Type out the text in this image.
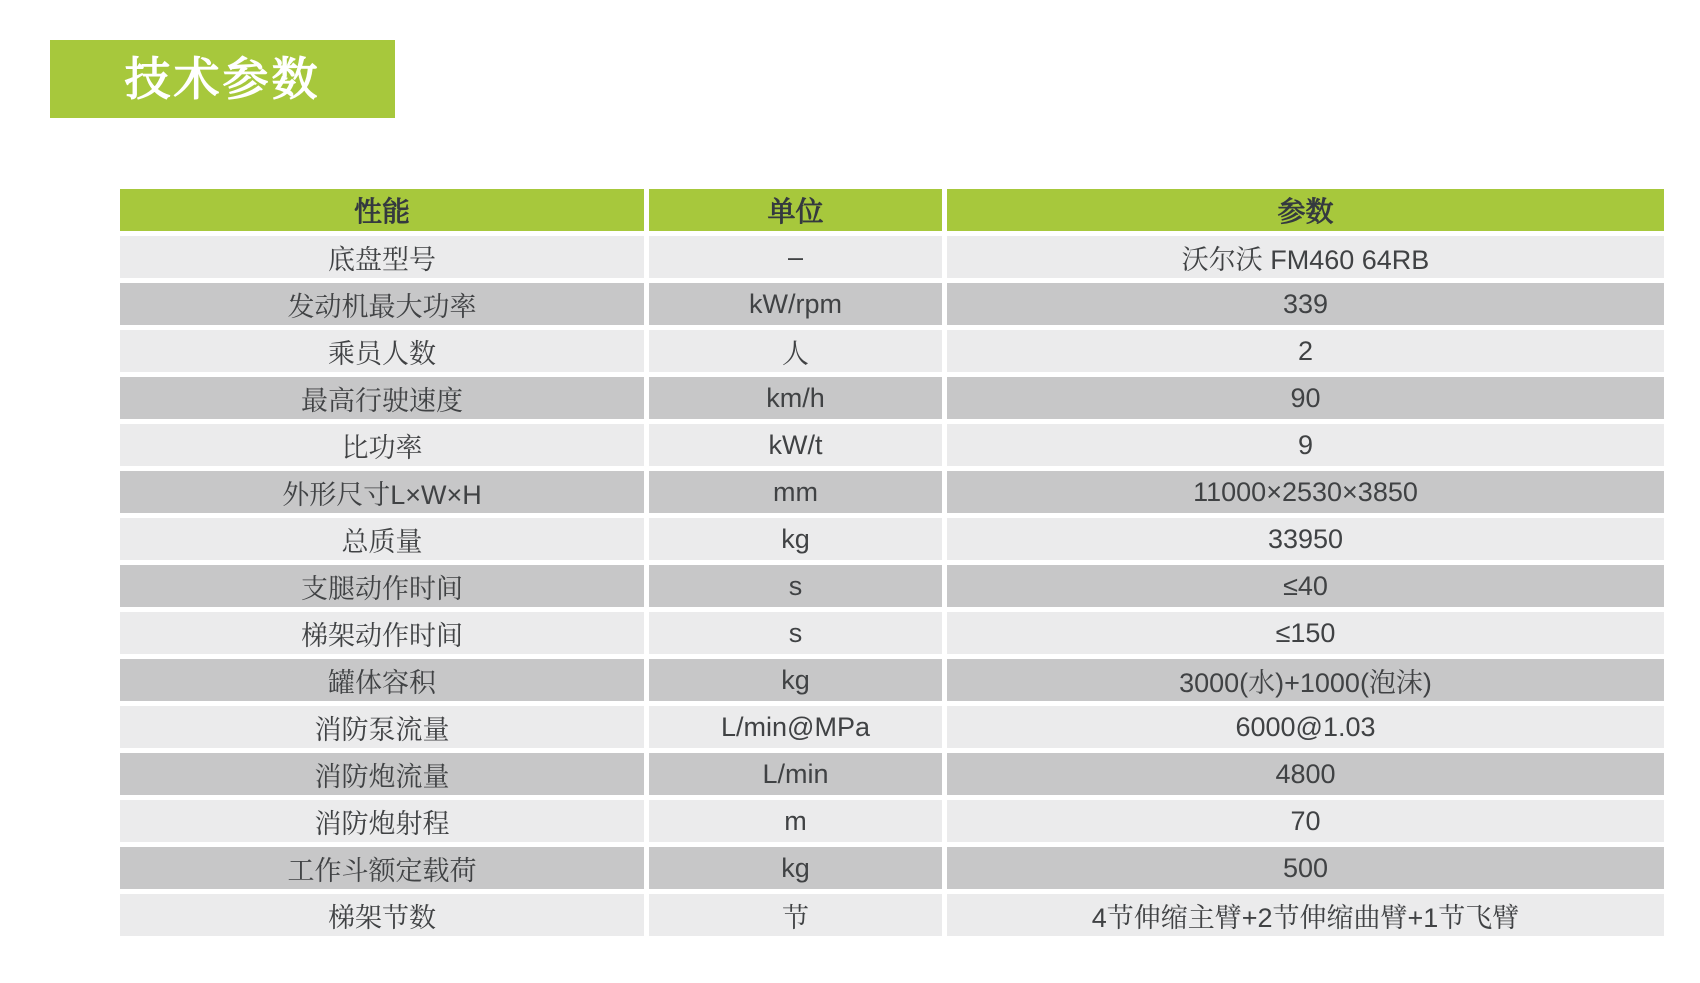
技术参数
性能	单位	参数
底盘型号	–	沃尔沃 FM460 64RB
发动机最大功率	kW/rpm	339
乘员人数	人	2
最高行驶速度	km/h	90
比功率	kW/t	9
外形尺寸L×W×H	mm	11000×2530×3850
总质量	kg	33950
支腿动作时间	s	≤40
梯架动作时间	s	≤150
罐体容积	kg	3000(水)+1000(泡沫)
消防泵流量	L/min@MPa	6000@1.03
消防炮流量	L/min	4800
消防炮射程	m	70
工作斗额定载荷	kg	500
梯架节数	节	4节伸缩主臂+2节伸缩曲臂+1节飞臂
